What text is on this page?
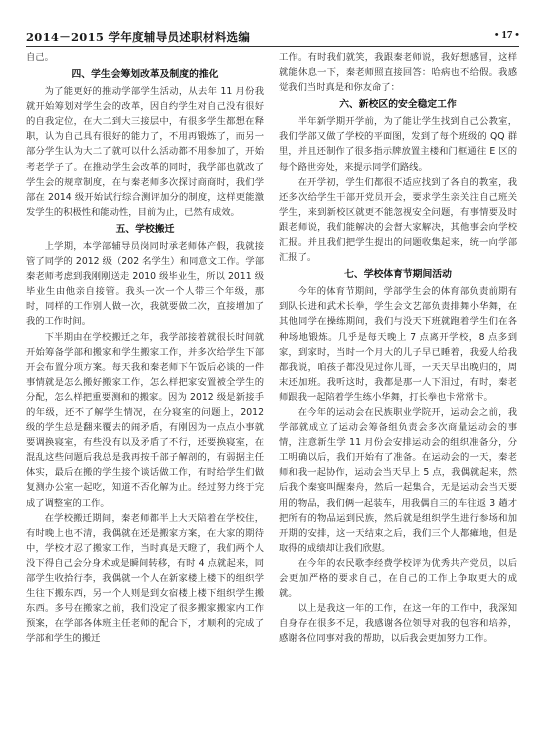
2014－2015 学年度辅导员述职材料选编	• 17 •

自己。

四、学生会筹划改革及制度的推化

为了能更好的推动学部学生活动，从去年 11 月份我就开始筹划对学生会的改革，因自约学生对自己没有很好的自我定位，在大二到大三接层中，有很多学生都想在释职，认为自己具有很好的能力了，不用再锻炼了，而另一部分学生认为大二了就可以什么活动都不用参加了，开始考老学子了。在推动学生会改革的同时，我学部也就改了学生会的规章制度，在与秦老师多次探讨商商时，我们学部在 2014 级开始试行综合测评加分的制度，这样更能激发学生的积极性和能动性，目前为止，已然有成效。

五、学校搬迁

上学期，本学部辅导员岗同时承老师体产假，我就接管了同学的 2012 级（202 名学生）和同意文工作。学部秦老师考虑到我刚刚送走 2010 级毕业生，所以 2011 级毕业生由他亲自接管。我头一次一个人带三个年级，那时，同样的工作别人做一次，我就要做二次，直接增加了我的工作时间。

下半期由在学校搬迁之年，我学部接着就很长时间就开始筹备学部和搬家和学生搬家工作，并多次给学生下部开会布置分项方案。每天我和秦老师下午饭后必谈的一件事情就是怎么搬好搬家工作，怎么样把家安置被全学生的分配，怎么样把重要测和的搬家。因为 2012 级是新接手的年级，还不了解学生情况，在分寝室的问题上，2012 级的学生总是翻来覆去的闹矛盾，有刚因为一点点小事就要调换寝室，有些没有以及矛盾了不行，还要换寝室，在混乱这些问题后我总是我再按千部子解剖的，有弱据主任体实，最后在搬的学生接个谈话做工作，有时给学生们做复测办公室一起吃，知道不否化解为止。经过努力终于完成了调整室的工作。

在学校搬迁期间，秦老师都半上大天陪着在学校住，有时晚上也不清，我偶就在还是搬家方案，在大家的期待中，学校才忍了搬家工作，当时真是天瞪了，我们两个人没下得自己会分身术或是瞬间转移，有时 4 点就起来，同部学生收拾行李，我偶就一个人在新家楼上楼下的组织学生往下搬东西，另一个人则是到女宿楼上楼下组织学生搬东西。多号在搬家之前，我们没定了很多搬家搬家内工作预案，在学部各体班主任老师的配合下，才顺利的完成了学部和学生的搬迁

工作。有时我们就笑，我跟秦老师说，我好想感冒，这样就能休息一下，秦老师照直接回答：哈病也不给假。我感觉我们当时真是和你友命了：

六、新校区的安全稳定工作

半年新学期开学前，为了能让学生找到自己公教室，我们学部又做了学校的平面图，发到了每个班级的 QQ 群里，并且还制作了很多指示牌放置主楼和门框通往 E 区的每个路世旁处，来提示同学们路线。

在开学初，学生们都很不适应找到了各自的教室，我还多次给学生干部开党员开会，要求学生亲关注自己班关学生，来到新校区就更不能忽视安全问题，有事情要及时跟老师说，我们能解决的会督大家解决，其他事会向学校汇报。并且我们把学生提出的问题收集起来，统一向学部汇报了。

七、学校体育节期间活动

今年的体育节期间，学部学生会的体育部负责前期有到队长进和武术长拳，学生会文艺部负责排舞小华舞，在其他同学在操练期间，我们与没天下班就跑着学生们在各种场地锻炼。几乎是每天晚上 7 点离开学校，8 点多到家，到家时，当时一个月大的儿子早已睡着，我爱人给我都我说，咱孩子都没见过你儿哥，一天天早出晚归的，周末还加班。我听这时，我都是那一人下泪过，有时，秦老师跟我一起陪着学生练小华舞，打长拳也卡常常卡。

在今年的运动会在民族职业学院开，运动会之前，我学部就成立了运动会筹备组负责会多次商量运动会的事情，注意新生学 11 月份会安排运动会的组织准备分，分工明确以后，我们开始有了准备。在运动会的一天，秦老师和我一起协作，运动会当天早上 5 点，我偶就起来，然后我个秦宴叫醒秦舟，然后一起集合，无是运动会当天要用的物品，我们俩一起装车，用我偶自三的车往返 3 趟才把所有的物品运到民族，然后就是组织学生进行参场和加开期的安排，这一天结束之后，我们三个人都瘫地，但是取得的成绩却让我们欣慰。

在今年的农民歌李经费学校评为优秀共产党员，以后会更加严格的要求自己，在自己的工作上争取更大的成就。

以上是我这一年的工作，在这一年的工作中，我深知自身存在很多不足，我感谢各位领导对我的包容和培养，感谢各位同事对我的帮助，以后我会更加努力工作。
